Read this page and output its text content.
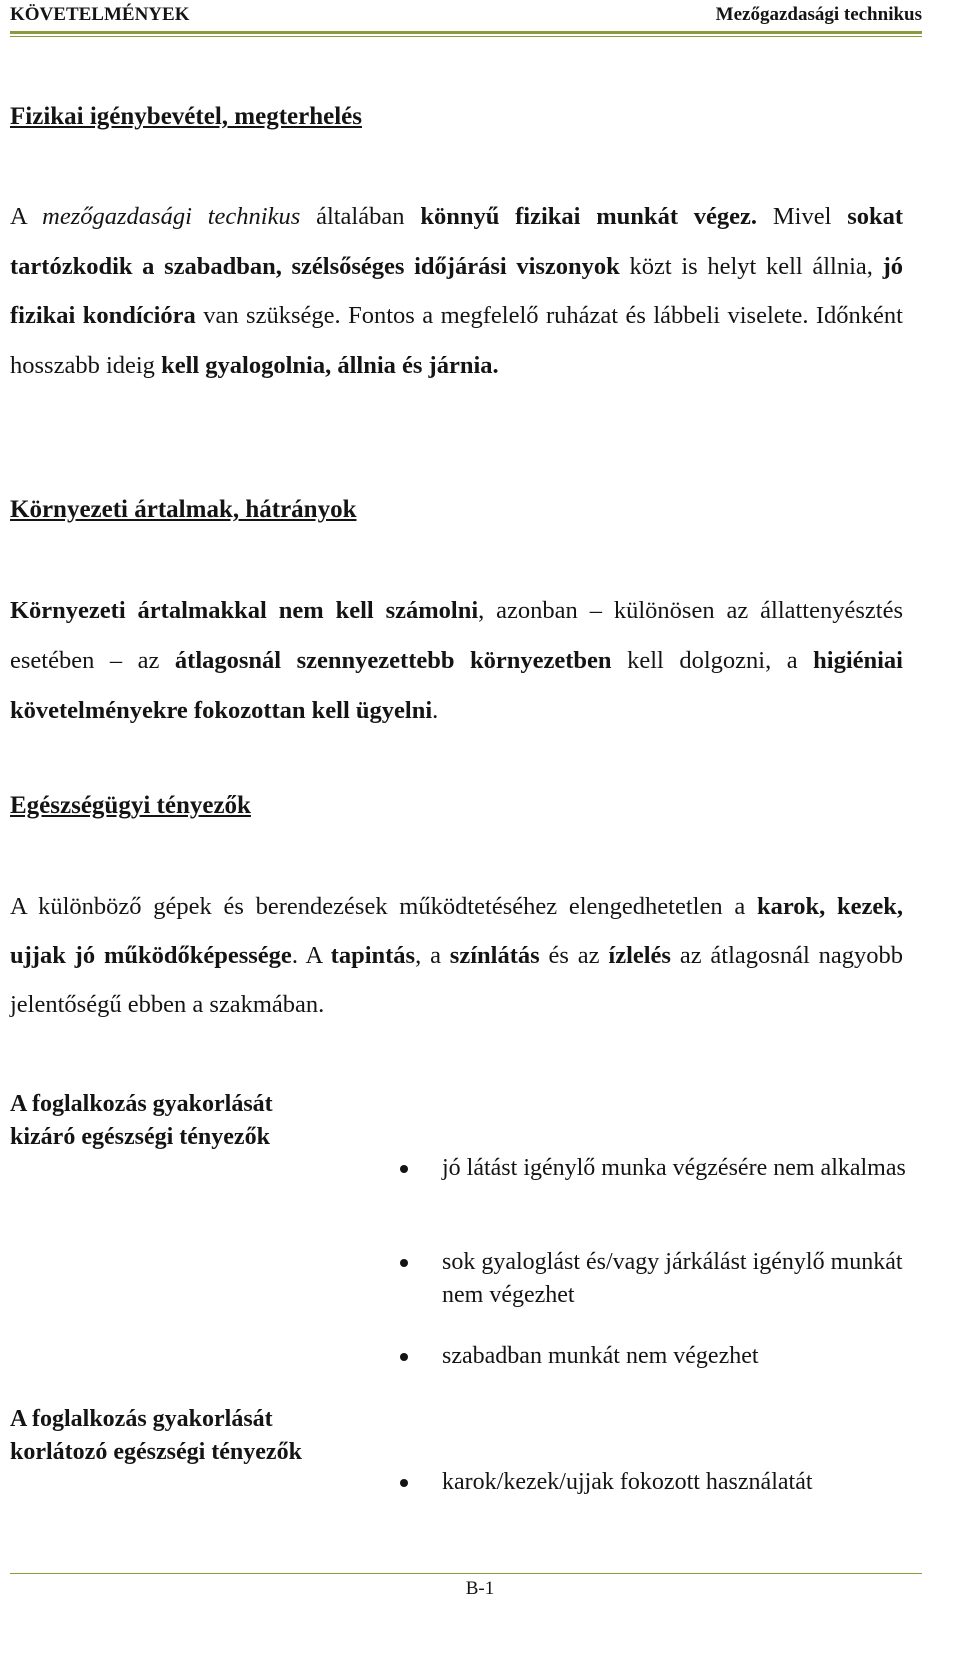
KÖVETELMÉNYEK	Mezőgazdasági technikus
Fizikai igénybevétel, megterhelés

A mezőgazdasági technikus általában könnyű fizikai munkát végez. Mivel sokat tartózkodik a szabadban, szélsőséges időjárási viszonyok közt is helyt kell állnia, jó fizikai kondícióra van szüksége. Fontos a megfelelő ruházat és lábbeli viselete. Időnként hosszabb ideig kell gyalogolnia, állnia és járnia.

Környezeti ártalmak, hátrányok

Környezeti ártalmakkal nem kell számolni, azonban – különösen az állattenyésztés esetében – az átlagosnál szennyezettebb környezetben kell dolgozni, a higiéniai követelményekre fokozottan kell ügyelni.

Egészségügyi tényezők

A különböző gépek és berendezések működtetéséhez elengedhetetlen a karok, kezek, ujjak jó működőképessége. A tapintás, a színlátás és az ízlelés az átlagosnál nagyobb jelentőségű ebben a szakmában.

A foglalkozás gyakorlását
kizáró egészségi tényezők
jó látást igénylő munka végzésére nem alkalmas
sok gyaloglást és/vagy járkálást igénylő munkát nem végezhet
szabadban munkát nem végezhet
A foglalkozás gyakorlását
korlátozó egészségi tényezők
karok/kezek/ujjak fokozott használatát
B-1
